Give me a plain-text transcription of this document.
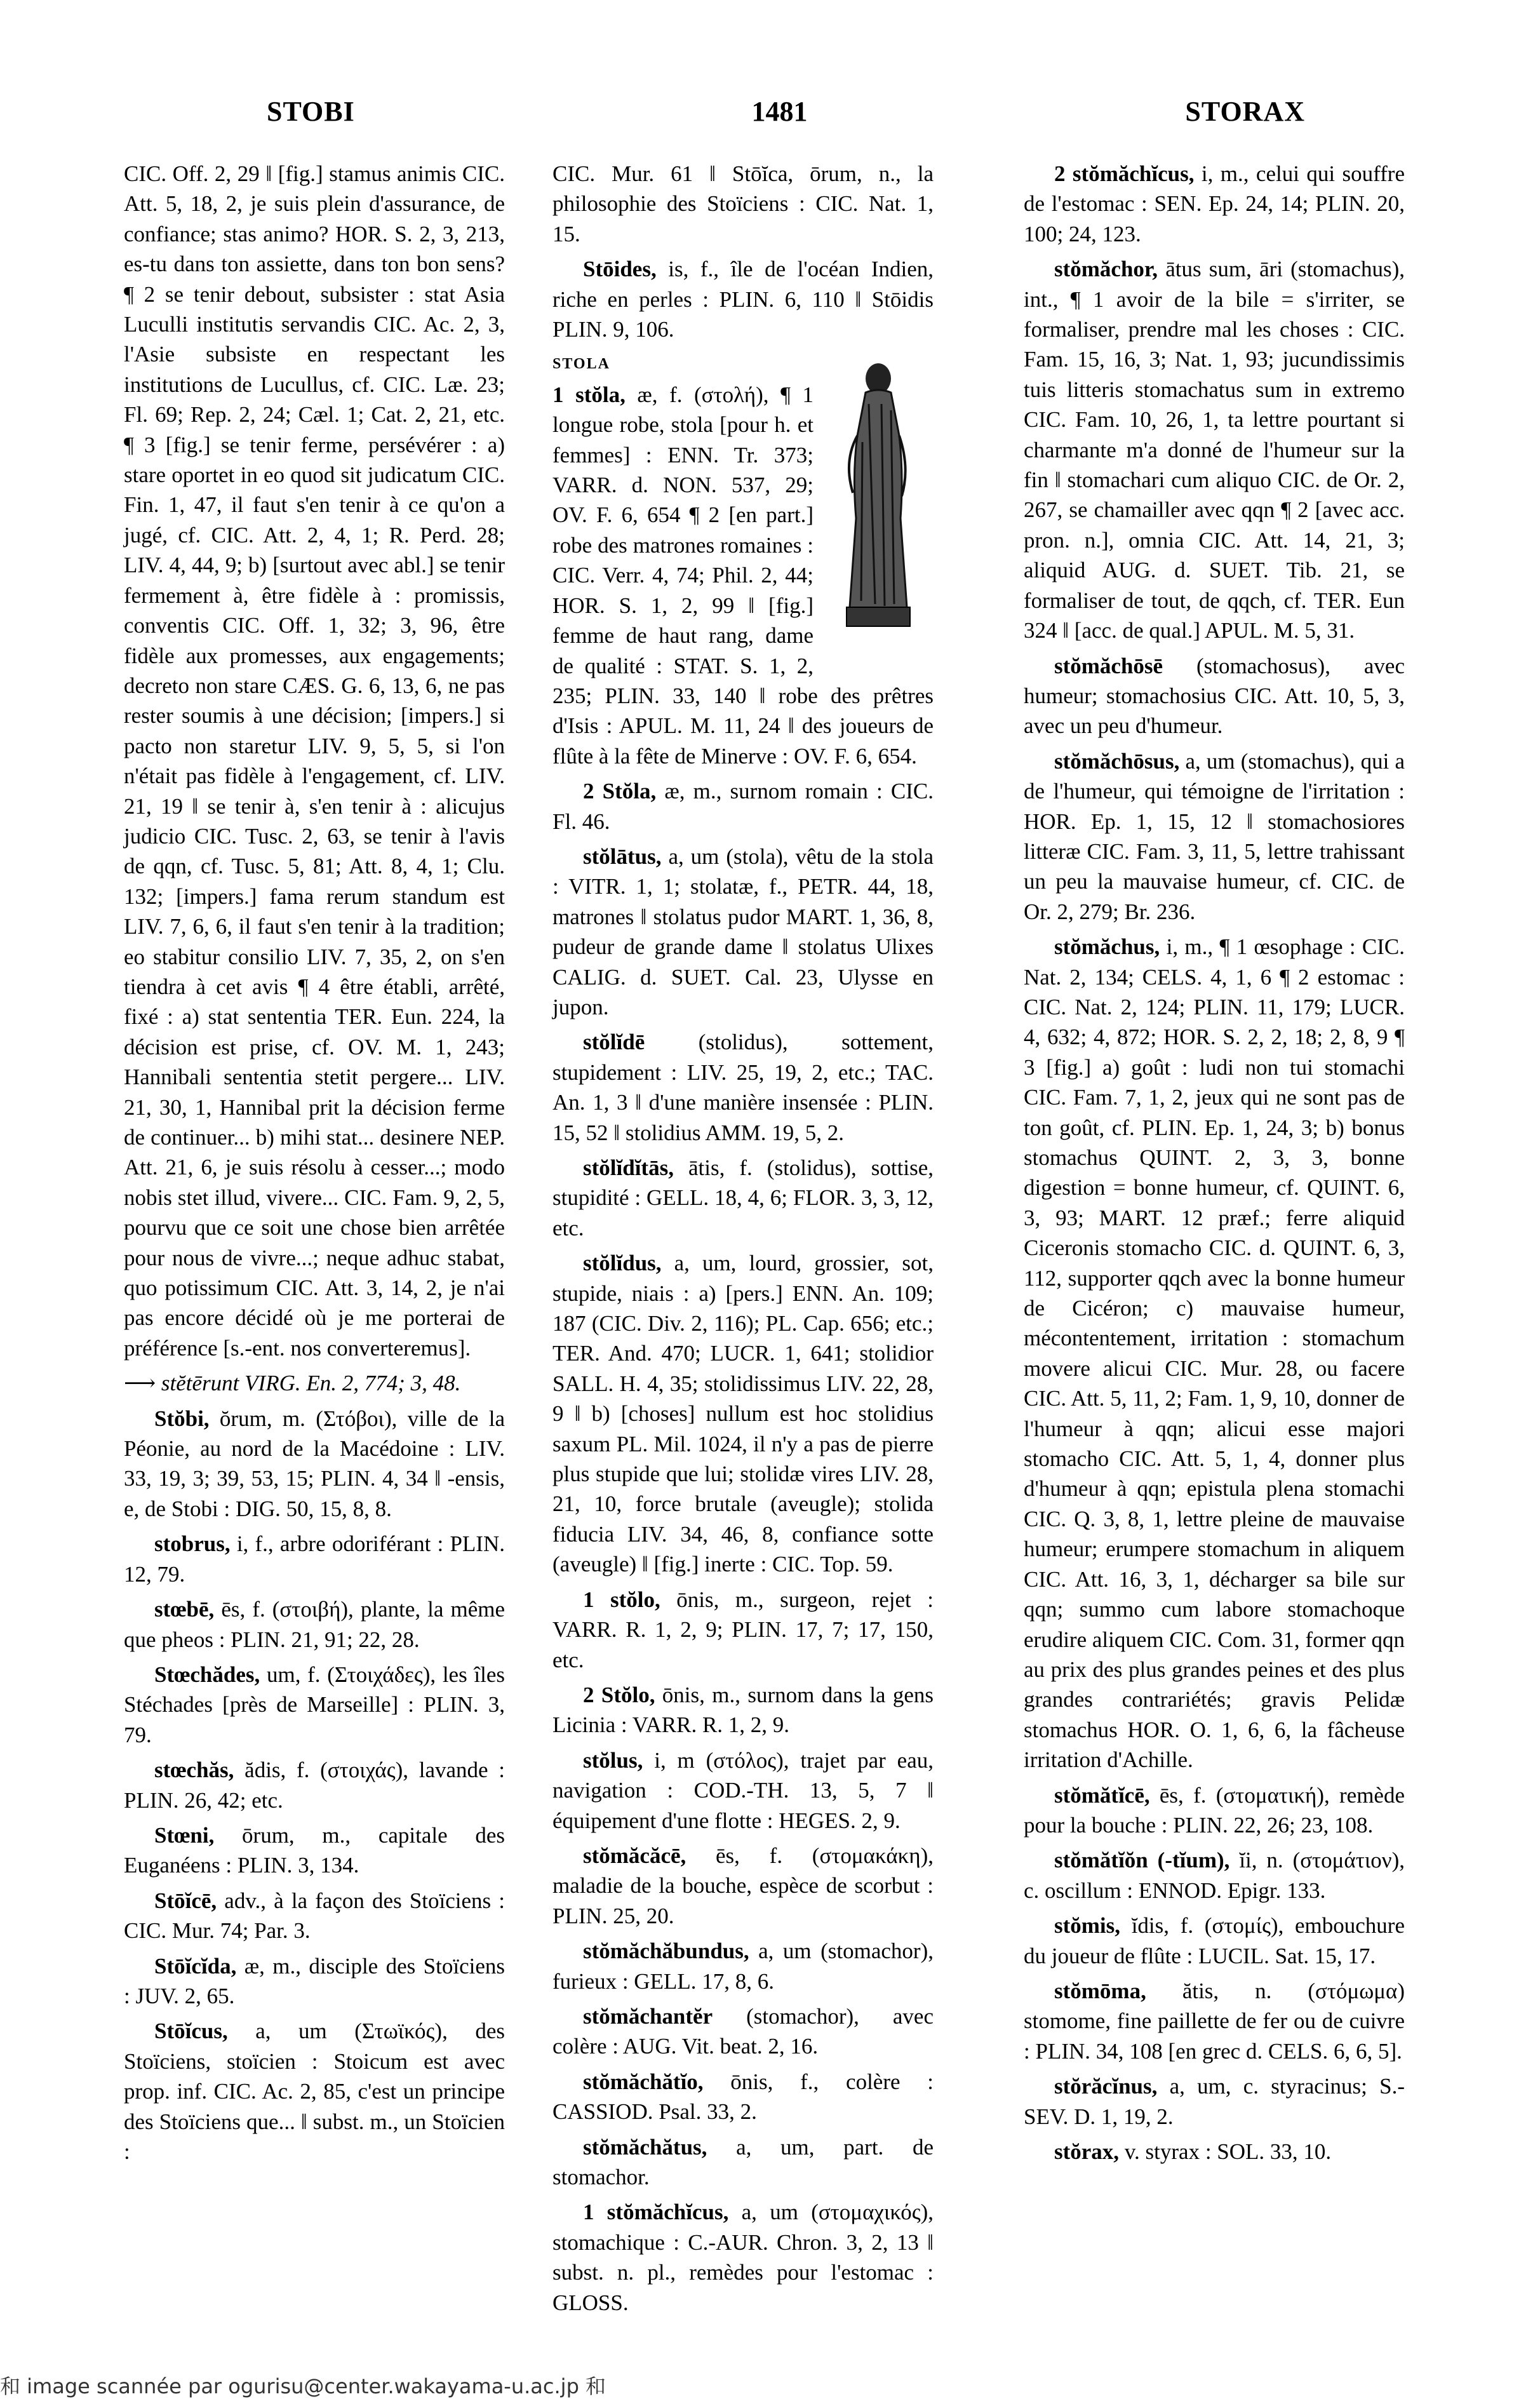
STOBI	1481	STORAX

CIC. Off. 2, 29 ‖ [fig.] stamus animis CIC. Att. 5, 18, 2, je suis plein d'assurance, de confiance; stas animo? HOR. S. 2, 3, 213, es-tu dans ton assiette, dans ton bon sens? ¶ 2 se tenir debout, subsister : stat Asia Luculli institutis servandis CIC. Ac. 2, 3, l'Asie subsiste en respectant les institutions de Lucullus, cf. CIC. Læ. 23; Fl. 69; Rep. 2, 24; Cæl. 1; Cat. 2, 21, etc. ¶ 3 [fig.] se tenir ferme, persévérer : a) stare oportet in eo quod sit judicatum CIC. Fin. 1, 47, il faut s'en tenir à ce qu'on a jugé, cf. CIC. Att. 2, 4, 1; R. Perd. 28; LIV. 4, 44, 9; b) [surtout avec abl.] se tenir fermement à, être fidèle à : promissis, conventis CIC. Off. 1, 32; 3, 96, être fidèle aux promesses, aux engagements; decreto non stare CÆS. G. 6, 13, 6, ne pas rester soumis à une décision; [impers.] si pacto non staretur LIV. 9, 5, 5, si l'on n'était pas fidèle à l'engagement, cf. LIV. 21, 19 ‖ se tenir à, s'en tenir à : alicujus judicio CIC. Tusc. 2, 63, se tenir à l'avis de qqn, cf. Tusc. 5, 81; Att. 8, 4, 1; Clu. 132; [impers.] fama rerum standum est LIV. 7, 6, 6, il faut s'en tenir à la tradition; eo stabitur consilio LIV. 7, 35, 2, on s'en tiendra à cet avis ¶ 4 être établi, arrêté, fixé : a) stat sententia TER. Eun. 224, la décision est prise, cf. OV. M. 1, 243; Hannibali sententia stetit pergere... LIV. 21, 30, 1, Hannibal prit la décision ferme de continuer... b) mihi stat... desinere NEP. Att. 21, 6, je suis résolu à cesser...; modo nobis stet illud, vivere... CIC. Fam. 9, 2, 5, pourvu que ce soit une chose bien arrêtée pour nous de vivre...; neque adhuc stabat, quo potissimum CIC. Att. 3, 14, 2, je n'ai pas encore décidé où je me porterai de préférence [s.-ent. nos converteremus].

⟶ stĕtērunt VIRG. En. 2, 774; 3, 48.

Stŏbi, ŏrum, m. (Στόβοι), ville de la Péonie, au nord de la Macédoine : LIV. 33, 19, 3; 39, 53, 15; PLIN. 4, 34 ‖ -ensis, e, de Stobi : DIG. 50, 15, 8, 8.

stobrus, i, f., arbre odoriférant : PLIN. 12, 79.

stœbē, ēs, f. (στοιβή), plante, la même que pheos : PLIN. 21, 91; 22, 28.

Stœchădes, um, f. (Στοιχάδες), les îles Stéchades [près de Marseille] : PLIN. 3, 79.

stœchăs, ădis, f. (στοιχάς), lavande : PLIN. 26, 42; etc.

Stœni, ōrum, m., capitale des Euganéens : PLIN. 3, 134.

Stōĭcē, adv., à la façon des Stoïciens : CIC. Mur. 74; Par. 3.

Stōĭcĭda, æ, m., disciple des Stoïciens : JUV. 2, 65.

Stōĭcus, a, um (Στωϊκός), des Stoïciens, stoïcien : Stoicum est avec prop. inf. CIC. Ac. 2, 85, c'est un principe des Stoïciens que... ‖ subst. m., un Stoïcien :

CIC. Mur. 61 ‖ Stōĭca, ōrum, n., la philosophie des Stoïciens : CIC. Nat. 1, 15.

Stōides, is, f., île de l'océan Indien, riche en perles : PLIN. 6, 110 ‖ Stōidis PLIN. 9, 106.

STOLA
1 stŏla, æ, f. (στολή), ¶ 1 longue robe, stola [pour h. et femmes] : ENN. Tr. 373; VARR. d. NON. 537, 29; OV. F. 6, 654 ¶ 2 [en part.] robe des matrones romaines : CIC. Verr. 4, 74; Phil. 2, 44; HOR. S. 1, 2, 99 ‖ [fig.] femme de haut rang, dame de qualité : STAT. S. 1, 2, 235; PLIN. 33, 140 ‖ robe des prêtres d'Isis : APUL. M. 11, 24 ‖ des joueurs de flûte à la fête de Minerve : OV. F. 6, 654.

2 Stŏla, æ, m., surnom romain : CIC. Fl. 46.

stŏlātus, a, um (stola), vêtu de la stola : VITR. 1, 1; stolatæ, f., PETR. 44, 18, matrones ‖ stolatus pudor MART. 1, 36, 8, pudeur de grande dame ‖ stolatus Ulixes CALIG. d. SUET. Cal. 23, Ulysse en jupon.

stŏlĭdē (stolidus), sottement, stupidement : LIV. 25, 19, 2, etc.; TAC. An. 1, 3 ‖ d'une manière insensée : PLIN. 15, 52 ‖ stolidius AMM. 19, 5, 2.

stŏlĭdĭtās, ātis, f. (stolidus), sottise, stupidité : GELL. 18, 4, 6; FLOR. 3, 3, 12, etc.

stŏlĭdus, a, um, lourd, grossier, sot, stupide, niais : a) [pers.] ENN. An. 109; 187 (CIC. Div. 2, 116); PL. Cap. 656; etc.; TER. And. 470; LUCR. 1, 641; stolidior SALL. H. 4, 35; stolidissimus LIV. 22, 28, 9 ‖ b) [choses] nullum est hoc stolidius saxum PL. Mil. 1024, il n'y a pas de pierre plus stupide que lui; stolidæ vires LIV. 28, 21, 10, force brutale (aveugle); stolida fiducia LIV. 34, 46, 8, confiance sotte (aveugle) ‖ [fig.] inerte : CIC. Top. 59.

1 stŏlo, ōnis, m., surgeon, rejet : VARR. R. 1, 2, 9; PLIN. 17, 7; 17, 150, etc.

2 Stŏlo, ōnis, m., surnom dans la gens Licinia : VARR. R. 1, 2, 9.

stŏlus, i, m (στόλος), trajet par eau, navigation : COD.-TH. 13, 5, 7 ‖ équipement d'une flotte : HEGES. 2, 9.

stŏmăcăcē, ēs, f. (στομακάκη), maladie de la bouche, espèce de scorbut : PLIN. 25, 20.

stŏmăchăbundus, a, um (stomachor), furieux : GELL. 17, 8, 6.

stŏmăchantĕr (stomachor), avec colère : AUG. Vit. beat. 2, 16.

stŏmăchătĭo, ōnis, f., colère : CASSIOD. Psal. 33, 2.

stŏmăchătus, a, um, part. de stomachor.

1 stŏmăchĭcus, a, um (στομαχικός), stomachique : C.-AUR. Chron. 3, 2, 13 ‖ subst. n. pl., remèdes pour l'estomac : GLOSS.

2 stŏmăchĭcus, i, m., celui qui souffre de l'estomac : SEN. Ep. 24, 14; PLIN. 20, 100; 24, 123.

stŏmăchor, ātus sum, āri (stomachus), int., ¶ 1 avoir de la bile = s'irriter, se formaliser, prendre mal les choses : CIC. Fam. 15, 16, 3; Nat. 1, 93; jucundissimis tuis litteris stomachatus sum in extremo CIC. Fam. 10, 26, 1, ta lettre pourtant si charmante m'a donné de l'humeur sur la fin ‖ stomachari cum aliquo CIC. de Or. 2, 267, se chamailler avec qqn ¶ 2 [avec acc. pron. n.], omnia CIC. Att. 14, 21, 3; aliquid AUG. d. SUET. Tib. 21, se formaliser de tout, de qqch, cf. TER. Eun 324 ‖ [acc. de qual.] APUL. M. 5, 31.

stŏmăchōsē (stomachosus), avec humeur; stomachosius CIC. Att. 10, 5, 3, avec un peu d'humeur.

stŏmăchōsus, a, um (stomachus), qui a de l'humeur, qui témoigne de l'irritation : HOR. Ep. 1, 15, 12 ‖ stomachosiores litteræ CIC. Fam. 3, 11, 5, lettre trahissant un peu la mauvaise humeur, cf. CIC. de Or. 2, 279; Br. 236.

stŏmăchus, i, m., ¶ 1 œsophage : CIC. Nat. 2, 134; CELS. 4, 1, 6 ¶ 2 estomac : CIC. Nat. 2, 124; PLIN. 11, 179; LUCR. 4, 632; 4, 872; HOR. S. 2, 2, 18; 2, 8, 9 ¶ 3 [fig.] a) goût : ludi non tui stomachi CIC. Fam. 7, 1, 2, jeux qui ne sont pas de ton goût, cf. PLIN. Ep. 1, 24, 3; b) bonus stomachus QUINT. 2, 3, 3, bonne digestion = bonne humeur, cf. QUINT. 6, 3, 93; MART. 12 præf.; ferre aliquid Ciceronis stomacho CIC. d. QUINT. 6, 3, 112, supporter qqch avec la bonne humeur de Cicéron; c) mauvaise humeur, mécontentement, irritation : stomachum movere alicui CIC. Mur. 28, ou facere CIC. Att. 5, 11, 2; Fam. 1, 9, 10, donner de l'humeur à qqn; alicui esse majori stomacho CIC. Att. 5, 1, 4, donner plus d'humeur à qqn; epistula plena stomachi CIC. Q. 3, 8, 1, lettre pleine de mauvaise humeur; erumpere stomachum in aliquem CIC. Att. 16, 3, 1, décharger sa bile sur qqn; summo cum labore stomachoque erudire aliquem CIC. Com. 31, former qqn au prix des plus grandes peines et des plus grandes contrariétés; gravis Pelidæ stomachus HOR. O. 1, 6, 6, la fâcheuse irritation d'Achille.

stŏmătĭcē, ēs, f. (στοματική), remède pour la bouche : PLIN. 22, 26; 23, 108.

stŏmătĭŏn (-tĭum), ĭi, n. (στομάτιον), c. oscillum : ENNOD. Epigr. 133.

stŏmis, ĭdis, f. (στομίς), embouchure du joueur de flûte : LUCIL. Sat. 15, 17.

stŏmōma, ătis, n. (στόμωμα) stomome, fine paillette de fer ou de cuivre : PLIN. 34, 108 [en grec d. CELS. 6, 6, 5].

stŏrăcĭnus, a, um, c. styracinus; S.-SEV. D. 1, 19, 2.

stŏrax, v. styrax : SOL. 33, 10.

和 image scannée par ogurisu@center.wakayama-u.ac.jp 和
